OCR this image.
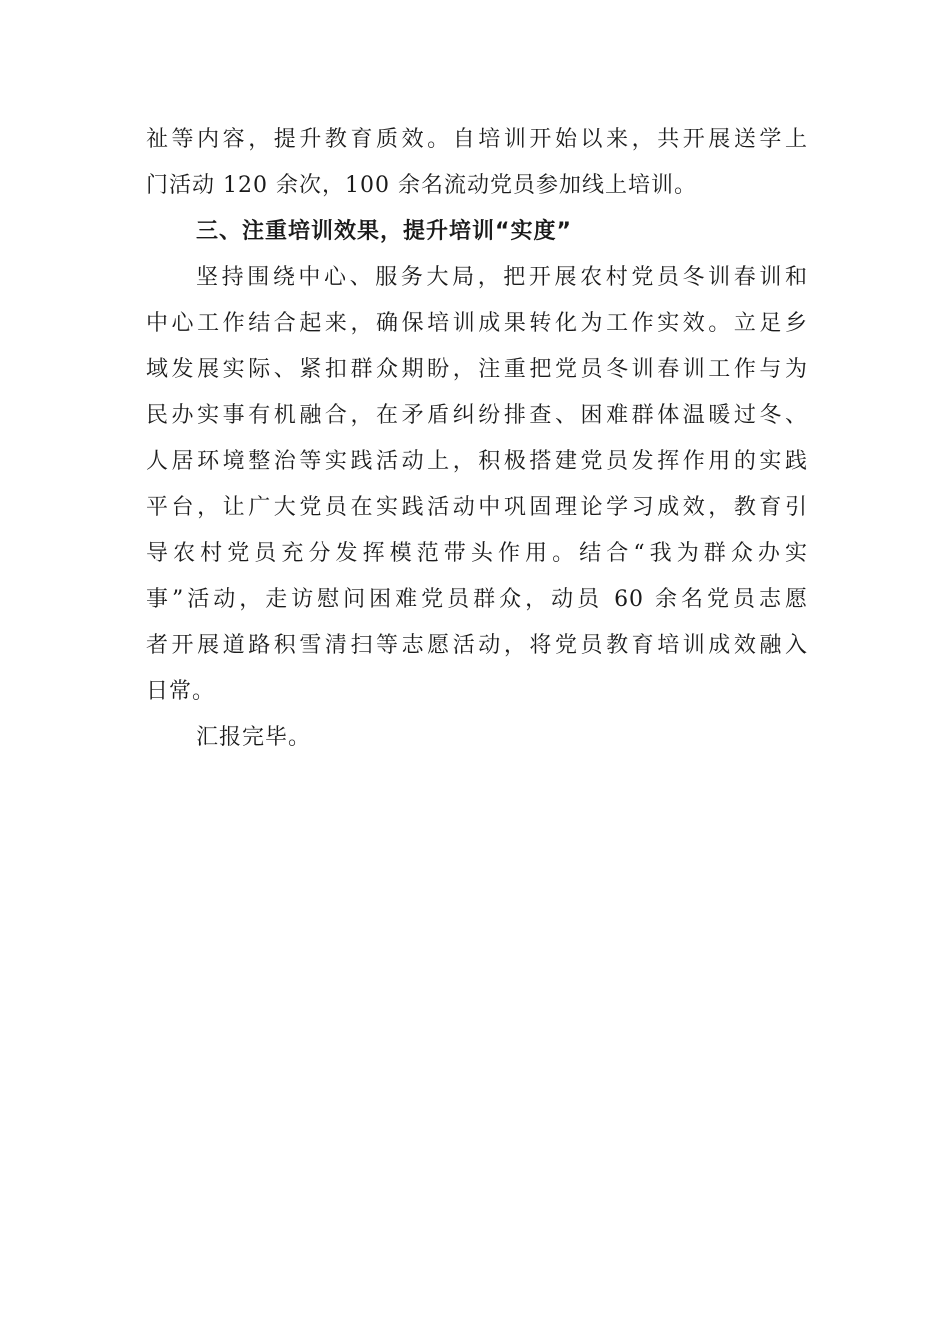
祉等内容，提升教育质效。自培训开始以来，共开展送学上
门活动 120 余次，100 余名流动党员参加线上培训。

三、注重培训效果，提升培训“实度”

坚持围绕中心、服务大局，把开展农村党员冬训春训和
中心工作结合起来，确保培训成果转化为工作实效。立足乡
域发展实际、紧扣群众期盼，注重把党员冬训春训工作与为
民办实事有机融合，在矛盾纠纷排查、困难群体温暖过冬、
人居环境整治等实践活动上，积极搭建党员发挥作用的实践
平台，让广大党员在实践活动中巩固理论学习成效，教育引
导农村党员充分发挥模范带头作用。结合“我为群众办实
事”活动，走访慰问困难党员群众，动员 60 余名党员志愿
者开展道路积雪清扫等志愿活动，将党员教育培训成效融入
日常。

汇报完毕。
